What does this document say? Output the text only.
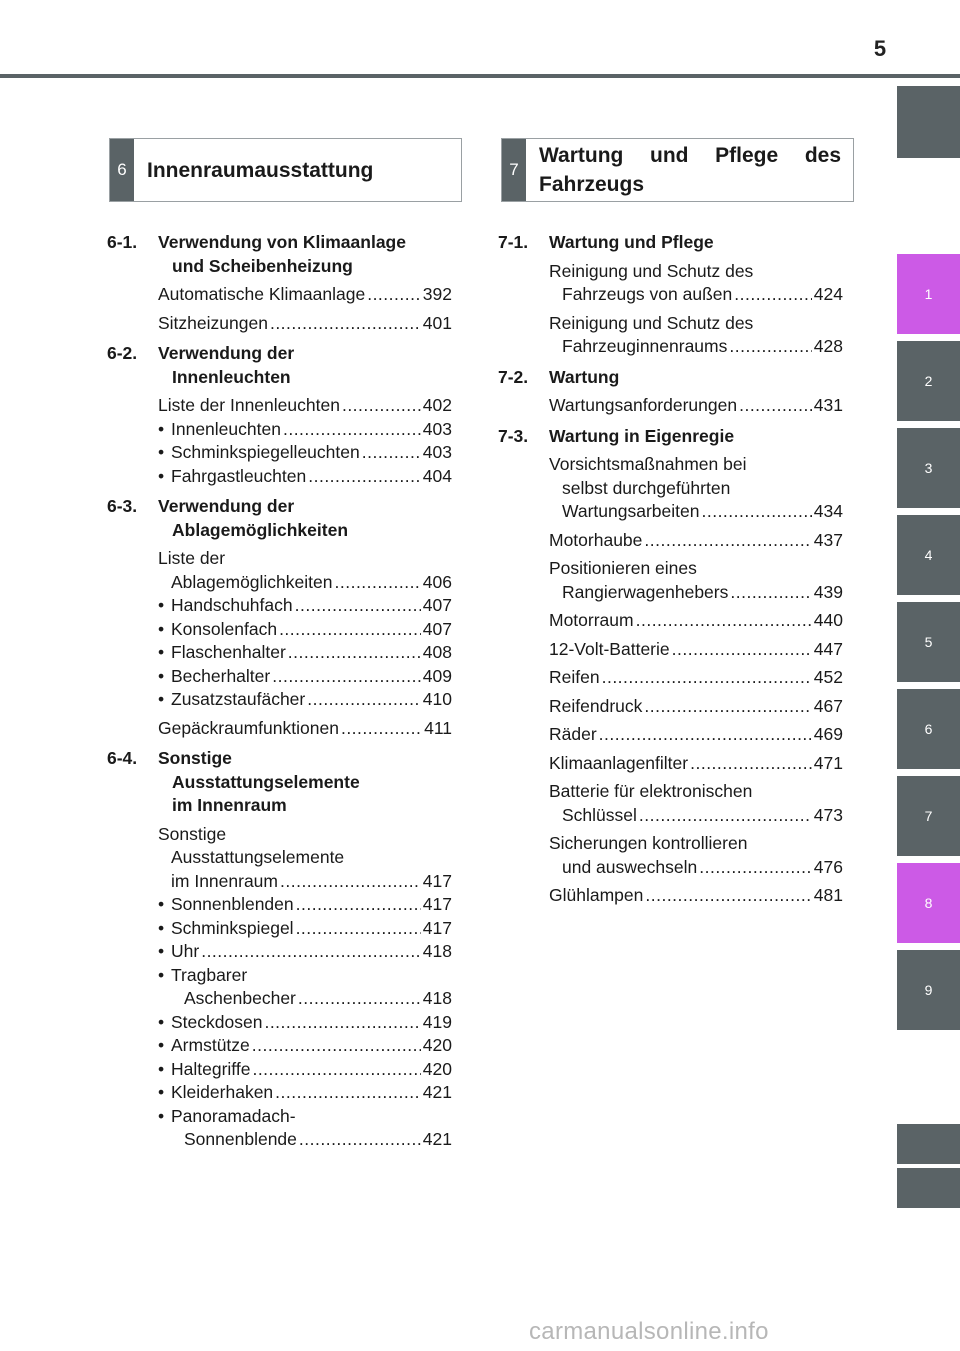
5
1
2
3
4
5
6
7
8
9
6 Innenraumausstattung	7
Wartung und Pflege des Fahrzeugs
6-1. Verwendung von Klimaanlage
und Scheibenheizung
Automatische Klimaanlage .....	392
Sitzheizungen .....	401
6-2. Verwendung der
Innenleuchten
Liste der Innenleuchten .....	402
• Innenleuchten .....	403
• Schminkspiegelleuchten .....	403
• Fahrgastleuchten .....	404
6-3. Verwendung der
Ablagemöglichkeiten
Liste der
Ablagemöglichkeiten .....	406
• Handschuhfach .....	407
• Konsolenfach .....	407
• Flaschenhalter .....	408
• Becherhalter .....	409
• Zusatzstaufächer .....	410
Gepäckraumfunktionen .....	411
6-4. Sonstige
Ausstattungselemente
im Innenraum
Sonstige
Ausstattungselemente
im Innenraum .....	417
• Sonnenblenden .....	417
• Schminkspiegel .....	417
• Uhr .....	418
• Tragbarer
Aschenbecher .....	418
• Steckdosen .....	419
• Armstütze .....	420
• Haltegriffe .....	420
• Kleiderhaken .....	421
• Panoramadach-
Sonnenblende .....	421
7-1. Wartung und Pflege
Reinigung und Schutz des
Fahrzeugs von außen .....	424
Reinigung und Schutz des
Fahrzeuginnenraums .....	428
7-2. Wartung
Wartungsanforderungen .....	431
7-3. Wartung in Eigenregie
Vorsichtsmaßnahmen bei
selbst durchgeführten
Wartungsarbeiten .....	434
Motorhaube .....	437
Positionieren eines
Rangierwagenhebers .....	439
Motorraum .....	440
12-Volt-Batterie .....	447
Reifen .....	452
Reifendruck .....	467
Räder .....	469
Klimaanlagenfilter .....	471
Batterie für elektronischen
Schlüssel .....	473
Sicherungen kontrollieren
und auswechseln .....	476
Glühlampen .....	481
carmanualsonline.info
